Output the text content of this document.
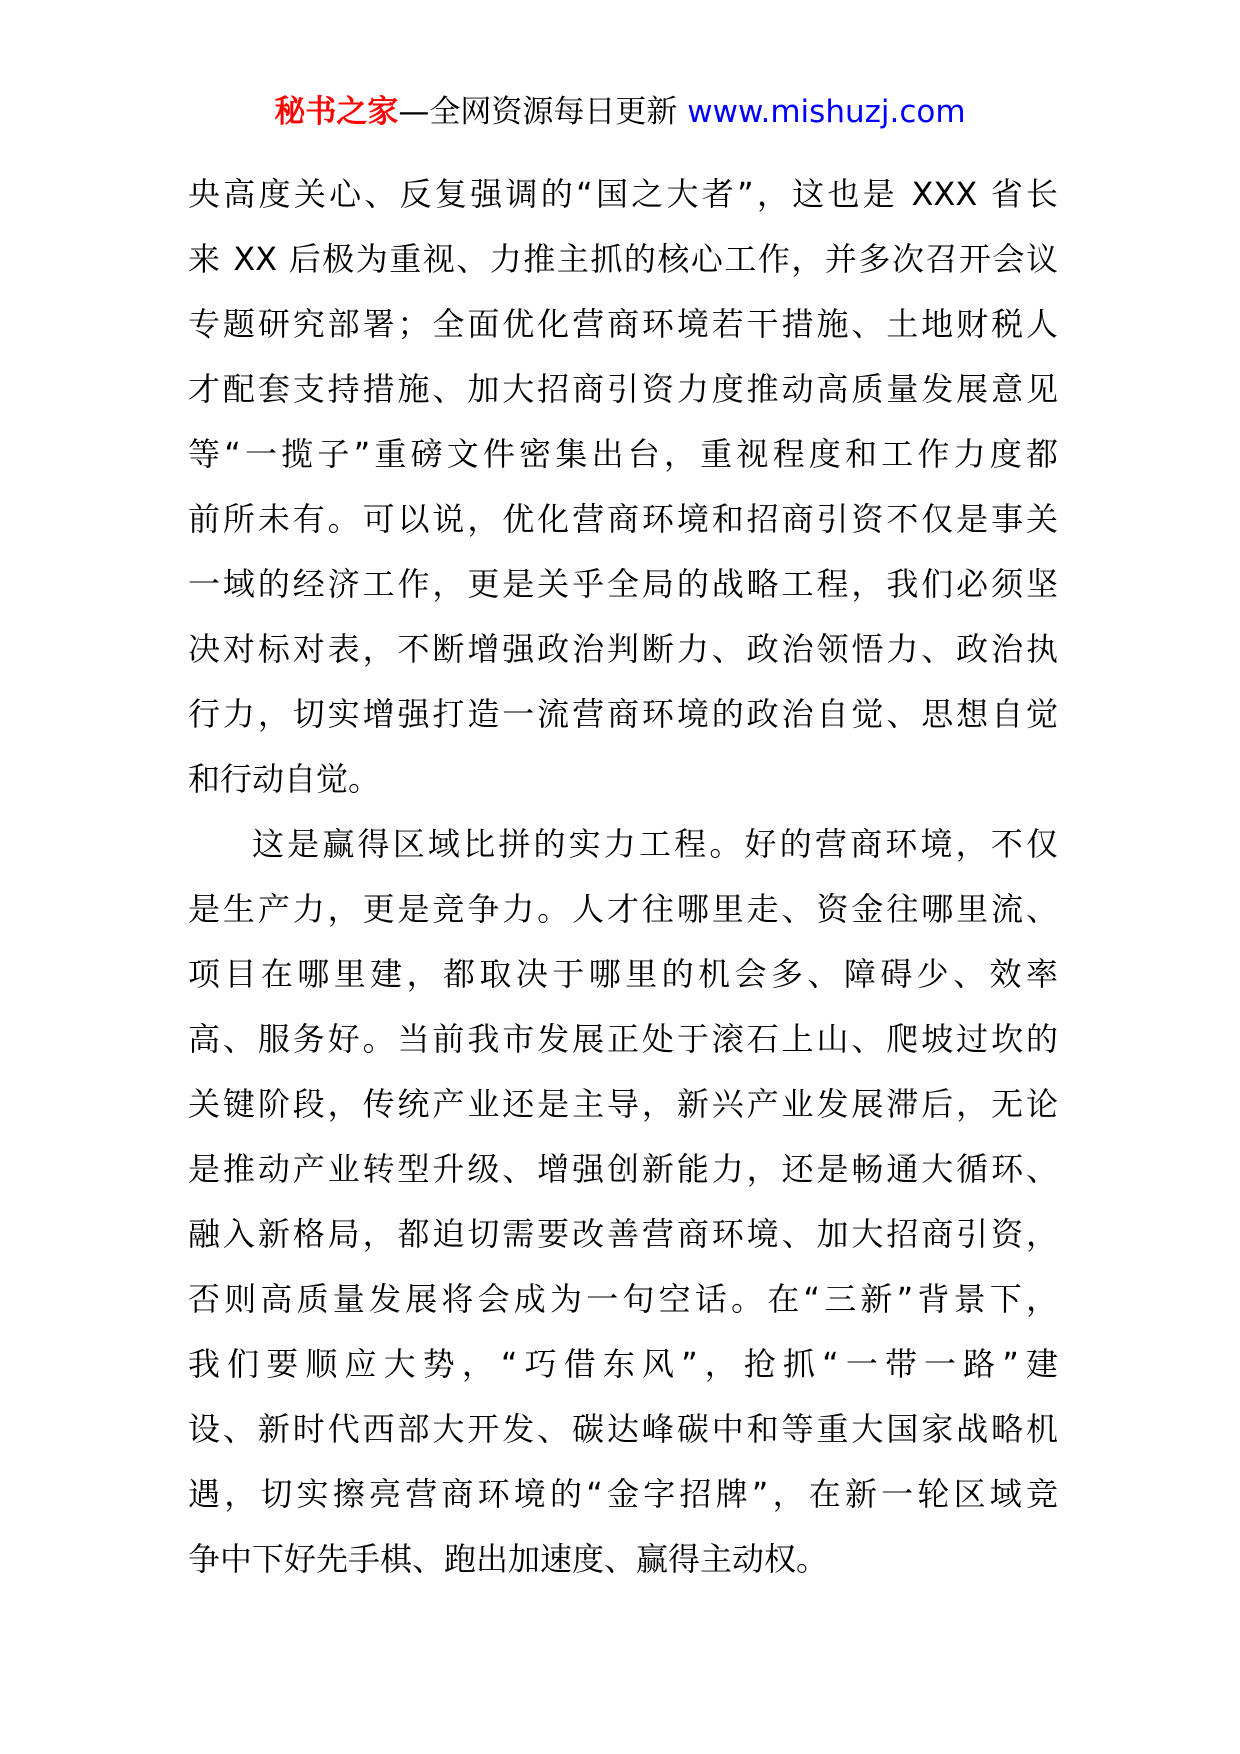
秘书之家—全网资源每日更新 www.mishuzj.com
央高度关心、反复强调的“国之大者”，这也是 XXX 省长
来 XX 后极为重视、力推主抓的核心工作，并多次召开会议
专题研究部署；全面优化营商环境若干措施、土地财税人
才配套支持措施、加大招商引资力度推动高质量发展意见
等“一揽子”重磅文件密集出台，重视程度和工作力度都
前所未有。可以说，优化营商环境和招商引资不仅是事关
一域的经济工作，更是关乎全局的战略工程，我们必须坚
决对标对表，不断增强政治判断力、政治领悟力、政治执
行力，切实增强打造一流营商环境的政治自觉、思想自觉
和行动自觉。
这是赢得区域比拼的实力工程。好的营商环境，不仅
是生产力，更是竞争力。人才往哪里走、资金往哪里流、
项目在哪里建，都取决于哪里的机会多、障碍少、效率
高、服务好。当前我市发展正处于滚石上山、爬坡过坎的
关键阶段，传统产业还是主导，新兴产业发展滞后，无论
是推动产业转型升级、增强创新能力，还是畅通大循环、
融入新格局，都迫切需要改善营商环境、加大招商引资，
否则高质量发展将会成为一句空话。在“三新”背景下，
我们要顺应大势，“巧借东风”，抢抓“一带一路”建
设、新时代西部大开发、碳达峰碳中和等重大国家战略机
遇，切实擦亮营商环境的“金字招牌”，在新一轮区域竞
争中下好先手棋、跑出加速度、赢得主动权。
